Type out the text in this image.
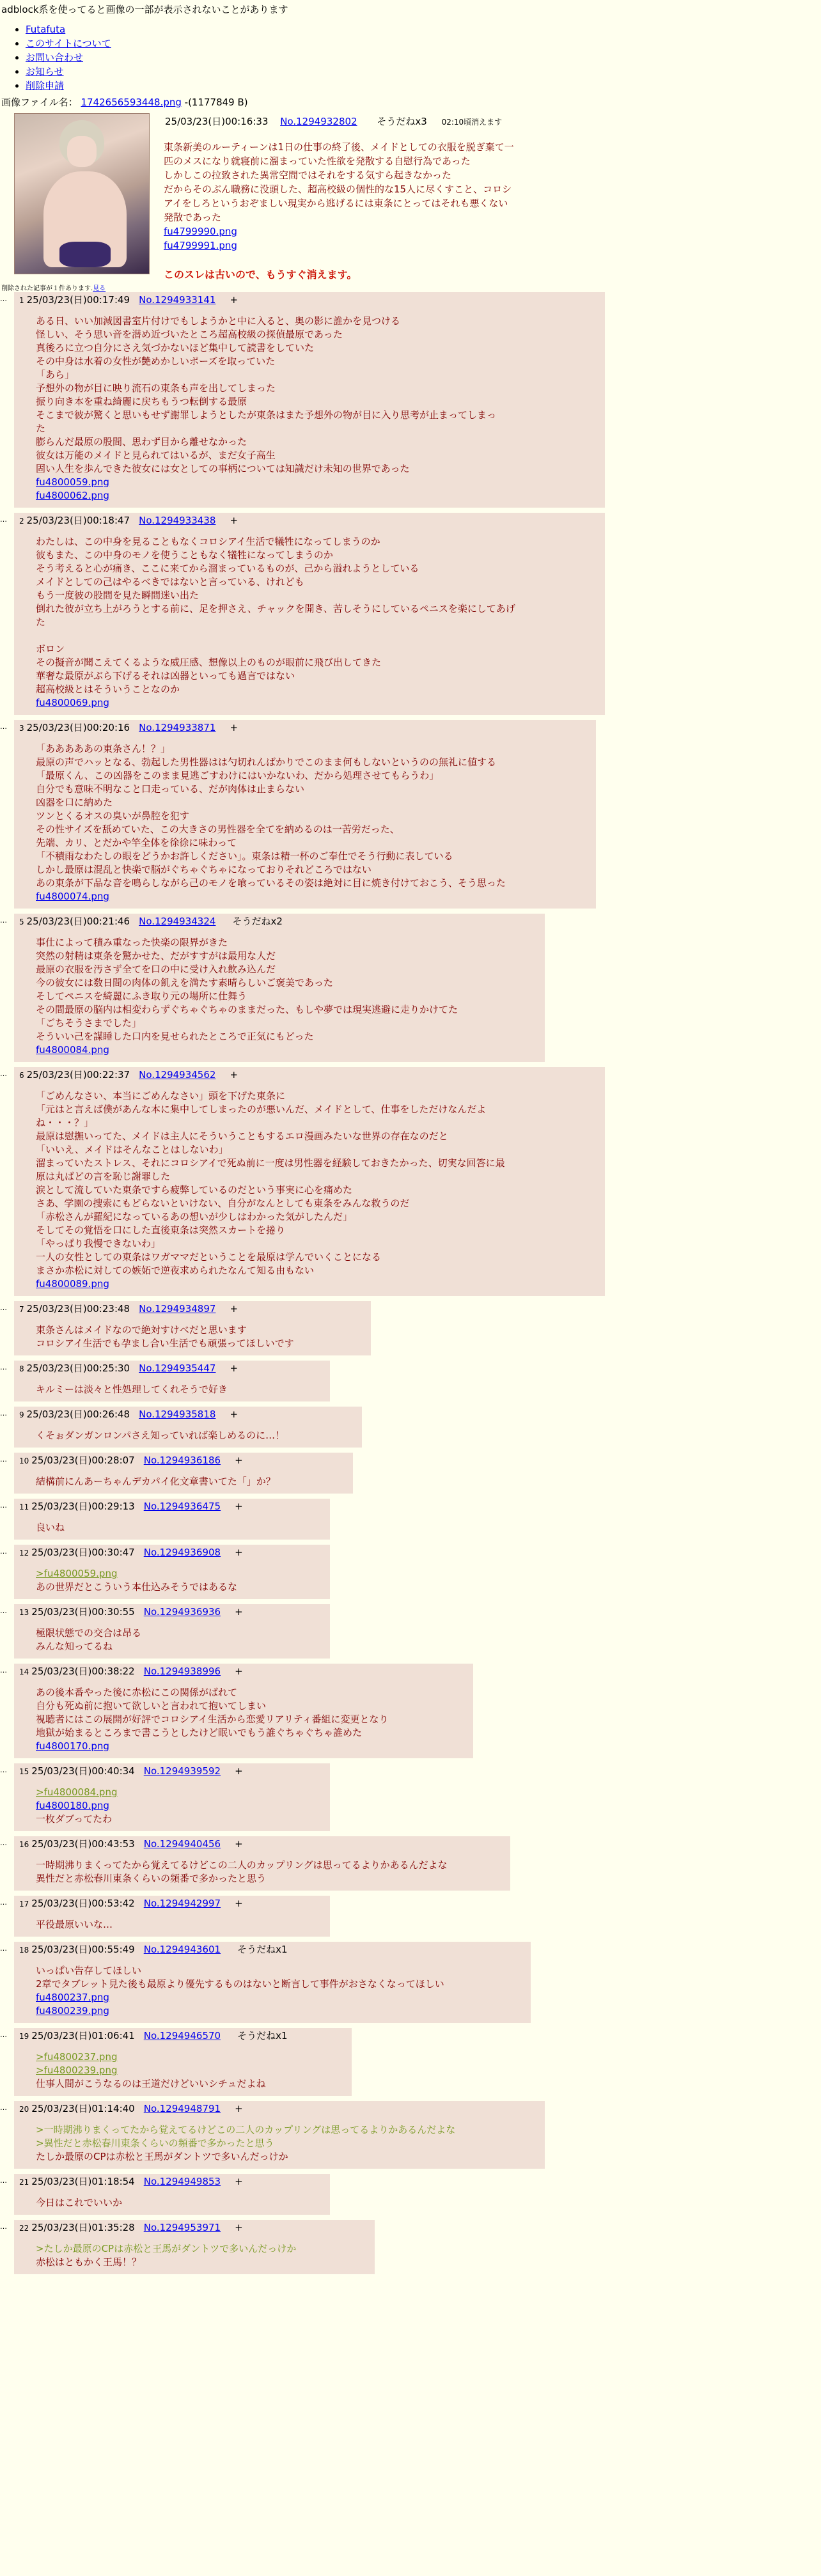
adblock系を使ってると画像の一部が表示されないことがあります
• Futafuta
• このサイトについて
• お問い合わせ
• お知らせ
• 削除申請
画像ファイル名： 1742656593448.png -(1177849 B)
25/03/23(日)00:16:33 No.1294932802 そうだねx3 02:10頃消えます
東条新美のルーティーンは1日の仕事の終了後、メイドとしての衣服を脱ぎ棄て一
匹のメスになり就寝前に溜まっていた性欲を発散する自慰行為であった
しかしこの拉致された異常空間ではそれをする気すら起きなかった
だからそのぶん職務に没頭した、超高校級の個性的な15人に尽くすこと、コロシ
アイをしろというおぞましい現実から逃げるには東条にとってはそれも悪くない
発散であった
fu4799990.png
fu4799991.png
このスレは古いので、もうすぐ消えます。
削除された記事が１件あります.見る
…	1 25/03/23(日)00:17:49 No.1294933141 +
ある日、いい加減図書室片付けでもしようかと中に入ると、奥の影に誰かを見つける
怪しい、そう思い音を潜め近づいたところ超高校級の探偵最原であった
真後ろに立つ自分にさえ気づかないほど集中して読書をしていた
その中身は水着の女性が艶めかしいポーズを取っていた
「あら」
予想外の物が目に映り流石の東条も声を出してしまった
振り向き本を重ね綺麗に戻ちもうつ転倒する最原
そこまで彼が驚くと思いもせず謝罪しようとしたが東条はまた予想外の物が目に入り思考が止まってしまっ
た
膨らんだ最原の股間、思わず目から離せなかった
彼女は万能のメイドと見られてはいるが、まだ女子高生
固い人生を歩んできた彼女には女としての事柄については知識だけ未知の世界であった
fu4800059.png
fu4800062.png
…	2 25/03/23(日)00:18:47 No.1294933438 +
わたしは、この中身を見ることもなくコロシアイ生活で犠牲になってしまうのか
彼もまた、この中身のモノを使うこともなく犠牲になってしまうのか
そう考えると心が痛き、ここに来てから溜まっているものが、己から溢れようとしている
メイドとしての己はやるべきではないと言っている、けれども
もう一度彼の股間を見た瞬間迷い出た
倒れた彼が立ち上がろうとする前に、足を押さえ、チャックを開き、苦しそうにしているペニスを楽にしてあげ
た

ボロン
その擬音が聞こえてくるような威圧感、想像以上のものが眼前に飛び出してきた
華奢な最原がぶら下げるそれは凶器といっても過言ではない
超高校級とはそういうことなのか
fu4800069.png
…	3 25/03/23(日)00:20:16 No.1294933871 +
「あああああの東条さん！？」
最原の声でハッとなる、勃起した男性器はは勺切れんばかりでこのまま何もしないというのの無礼に値する
「最原くん、この凶器をこのまま見逃ごすわけにはいかないわ、だから処理させてもらうわ」
自分でも意味不明なこと口走っている、だが肉体は止まらない
凶器を口に納めた
ツンとくるオスの臭いが鼻腔を犯す
その性サイズを舐めていた、この大きさの男性器を全てを納めるのは一苦労だった、
先端、カリ、とだかや竿全体を徐徐に味わって
「不積雨なわたしの眼をどうかお許しください」。東条は精一杯のご奉仕でそう行動に表している
しかし最原は混乱と快楽で脳がぐちゃぐちゃになっておりそれどころではない
あの東条が下品な音を鳴らしながら己のモノを喰っているその姿は絶対に目に焼き付けておこう、そう思った
fu4800074.png
…	5 25/03/23(日)00:21:46 No.1294934324 そうだねx2
事仕によって積み重なった快楽の限界がきた
突然の射精は東条を驚かせた、だがすすがは最用な人だ
最原の衣服を汚さず全てを口の中に受け入れ飲み込んだ
今の彼女には数日間の肉体の飢えを満たす素晴らしいご褒美であった
そしてペニスを綺麗にふき取り元の場所に仕舞う
その間最原の脳内は相変わらずぐちゃぐちゃのままだった、もしや夢では現実逃避に走りかけてた
「ごちそうさまでした」
そういい己を謀睡した口内を見せられたところで正気にもどった
fu4800084.png
…	6 25/03/23(日)00:22:37 No.1294934562 +
「ごめんなさい、本当にごめんなさい」頭を下げた東条に
「元はと言えば僕があんな本に集中してしまったのが悪いんだ、メイドとして、仕事をしただけなんだよ
ね・・・？」
最原は慰撫いってた、メイドは主人にそういうこともするエロ漫画みたいな世界の存在なのだと
「いいえ、メイドはそんなことはしないわ」
溜まっていたストレス、それにコロシアイで死ぬ前に一度は男性器を経験しておきたかった、切実な回答に最
原は丸ばどの言を恥じ謝罪した
涙として流していた東条ですら疲弊しているのだという事実に心を痛めた
さあ、学園の捜索にもどらないといけない、自分がなんとしても東条をみんな救うのだ
「赤松さんが羅紀になっているあの想いが少しはわかった気がしたんだ」
そしてその覚悟を口にした直後東条は突然スカートを捲り
「やっぱり我慢できないわ」
一人の女性としての東条はワガママだということを最原は学んでいくことになる
まさか赤松に対しての嫉妬で逆夜求められたなんて知る由もない
fu4800089.png
…	7 25/03/23(日)00:23:48 No.1294934897 +
東条さんはメイドなので絶対すけべだと思います
コロシアイ生活でも孕まし合い生活でも頑張ってほしいです
…	8 25/03/23(日)00:25:30 No.1294935447 +
キルミーは淡々と性処理してくれそうで好き
…	9 25/03/23(日)00:26:48 No.1294935818 +
くそぉダンガンロンパさえ知っていれば楽しめるのに…！
…	10 25/03/23(日)00:28:07 No.1294936186 +
結構前にんあーちゃんデカパイ化文章書いてた「」か？
…	11 25/03/23(日)00:29:13 No.1294936475 +
良いね
…	12 25/03/23(日)00:30:47 No.1294936908 +
>fu4800059.png
あの世界だとこういう本仕込みそうではあるな
…	13 25/03/23(日)00:30:55 No.1294936936 +
極限状態での交合は昂る
みんな知ってるね
…	14 25/03/23(日)00:38:22 No.1294938996 +
あの後本番やった後に赤松にこの関係がばれて
自分も死ぬ前に抱いて欲しいと言われて抱いてしまい
視聴者にはこの展開が好評でコロシアイ生活から恋愛リアリティ番組に変更となり
地獄が始まるところまで書こうとしたけど眠いでもう誰ぐちゃぐちゃ誰めた
fu4800170.png
…	15 25/03/23(日)00:40:34 No.1294939592 +
>fu4800084.png
fu4800180.png
一枚ダブってたわ
…	16 25/03/23(日)00:43:53 No.1294940456 +
一時期沸りまくってたから覚えてるけどこの二人のカップリングは思ってるよりかあるんだよな
異性だと赤松春川東条くらいの頻番で多かったと思う
…	17 25/03/23(日)00:53:42 No.1294942997 +
平役最原いいな…
…	18 25/03/23(日)00:55:49 No.1294943601 そうだねx1
いっぱい告存してほしい
2章でタブレット見た後も最原より優先するものはないと断言して事件がおさなくなってほしい
fu4800237.png
fu4800239.png
…	19 25/03/23(日)01:06:41 No.1294946570 そうだねx1
>fu4800237.png
>fu4800239.png
仕事人間がこうなるのは王道だけどいいシチュだよね
…	20 25/03/23(日)01:14:40 No.1294948791 +
>一時期沸りまくってたから覚えてるけどこの二人のカップリングは思ってるよりかあるんだよな
>異性だと赤松春川東条くらいの頻番で多かったと思う
たしか最原のCPは赤松と王馬がダントツで多いんだっけか
…	21 25/03/23(日)01:18:54 No.1294949853 +
今日はこれでいいか
…	22 25/03/23(日)01:35:28 No.1294953971 +
>たしか最原のCPは赤松と王馬がダントツで多いんだっけか
赤松はともかく王馬！？
